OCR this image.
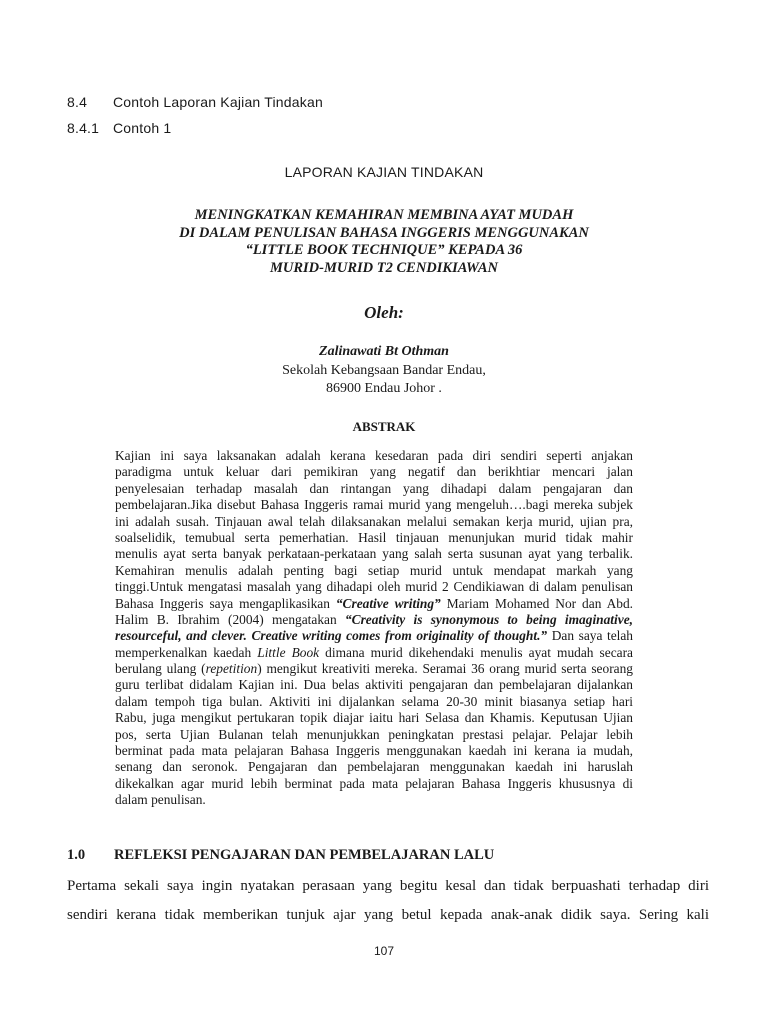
8.4 Contoh Laporan Kajian Tindakan
8.4.1 Contoh 1
LAPORAN KAJIAN TINDAKAN
MENINGKATKAN KEMAHIRAN MEMBINA AYAT MUDAH
DI DALAM PENULISAN BAHASA INGGERIS MENGGUNAKAN
“LITTLE BOOK TECHNIQUE” KEPADA 36
MURID-MURID T2 CENDIKIAWAN
Oleh:
Zalinawati Bt Othman
Sekolah Kebangsaan Bandar Endau,
86900 Endau Johor .
ABSTRAK
Kajian ini saya laksanakan adalah kerana kesedaran pada diri sendiri seperti anjakan
paradigma untuk keluar dari pemikiran yang negatif dan berikhtiar mencari jalan
penyelesaian terhadap masalah dan rintangan yang dihadapi dalam pengajaran dan
pembelajaran.Jika disebut Bahasa Inggeris ramai murid yang mengeluh….bagi mereka subjek
ini adalah susah. Tinjauan awal telah dilaksanakan melalui semakan kerja murid, ujian pra,
soalselidik, temubual serta pemerhatian. Hasil tinjauan menunjukan murid tidak mahir
menulis ayat serta banyak perkataan-perkataan yang salah serta susunan ayat yang terbalik.
Kemahiran menulis adalah penting bagi setiap murid untuk mendapat markah yang
tinggi.Untuk mengatasi masalah yang dihadapi oleh murid 2 Cendikiawan di dalam penulisan
Bahasa Inggeris saya mengaplikasikan “Creative writing” Mariam Mohamed Nor dan Abd.
Halim B. Ibrahim (2004) mengatakan “Creativity is synonymous to being imaginative,
resourceful, and clever. Creative writing comes from originality of thought.” Dan saya telah
memperkenalkan kaedah Little Book dimana murid dikehendaki menulis ayat mudah secara
berulang ulang (repetition) mengikut kreativiti mereka. Seramai 36 orang murid serta seorang
guru terlibat didalam Kajian ini. Dua belas aktiviti pengajaran dan pembelajaran dijalankan
dalam tempoh tiga bulan. Aktiviti ini dijalankan selama 20-30 minit biasanya setiap hari
Rabu, juga mengikut pertukaran topik diajar iaitu hari Selasa dan Khamis. Keputusan Ujian
pos, serta Ujian Bulanan telah menunjukkan peningkatan prestasi pelajar. Pelajar lebih
berminat pada mata pelajaran Bahasa Inggeris menggunakan kaedah ini kerana ia mudah,
senang dan seronok. Pengajaran dan pembelajaran menggunakan kaedah ini haruslah
dikekalkan agar murid lebih berminat pada mata pelajaran Bahasa Inggeris khususnya di
dalam penulisan.
1.0 REFLEKSI PENGAJARAN DAN PEMBELAJARAN LALU
Pertama sekali saya ingin nyatakan perasaan yang begitu kesal dan tidak berpuashati terhadap diri
sendiri kerana tidak memberikan tunjuk ajar yang betul kepada anak-anak didik saya. Sering kali
107
